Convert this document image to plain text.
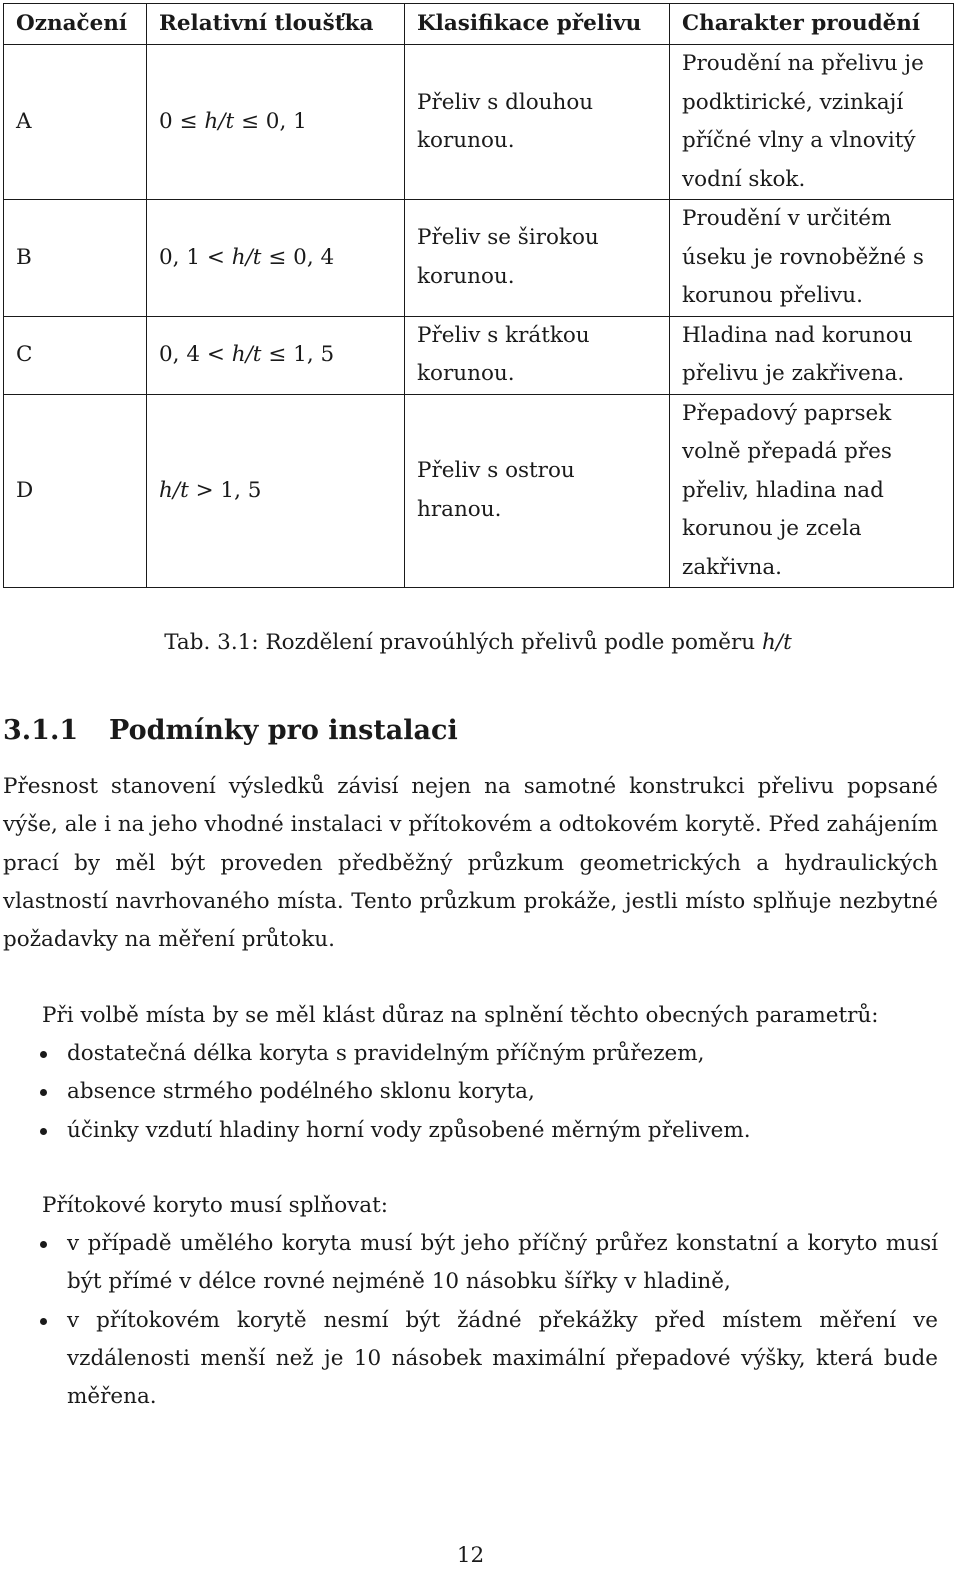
Označení	Relativní tloušťka	Klasifikace přelivu	Charakter proudění
A	0 ≤ h/t ≤ 0, 1	Přeliv s dlouhou korunou.	Proudění na přelivu je podktirické, vzinkají příčné vlny a vlnovitý vodní skok.

B	0, 1 < h/t ≤ 0, 4	Přeliv se širokou korunou.	Proudění v určitém úseku je rovnoběžné s korunou přelivu.

C	0, 4 < h/t ≤ 1, 5	Přeliv s krátkou korunou.	Hladina nad korunou přelivu je zakřivena.

D	h/t > 1, 5	Přeliv s ostrou hranou.	Přepadový paprsek volně přepadá přes přeliv, hladina nad korunou je zcela zakřivna.
Tab. 3.1: Rozdělení pravoúhlých přelivů podle poměru h/t
3.1.1 Podmínky pro instalaci

Přesnost stanovení výsledků závisí nejen na samotné konstrukci přelivu popsané výše, ale i na jeho vhodné instalaci v přítokovém a odtokovém korytě. Před zahájením prací by měl být proveden předběžný průzkum geometrických a hydraulických vlastností navrhovaného místa. Tento průzkum prokáže, jestli místo splňuje nezbytné požadavky na měření průtoku.

Při volbě místa by se měl klást důraz na splnění těchto obecných parametrů:

dostatečná délka koryta s pravidelným příčným průřezem,
absence strmého podélného sklonu koryta,
účinky vzdutí hladiny horní vody způsobené měrným přelivem.

Přítokové koryto musí splňovat:

v případě umělého koryta musí být jeho příčný průřez konstatní a koryto musí být přímé v délce rovné nejméně 10 násobku šířky v hladině,
v přítokovém korytě nesmí být žádné překážky před místem měření ve vzdálenosti menší než je 10 násobek maximální přepadové výšky, která bude měřena.
12
